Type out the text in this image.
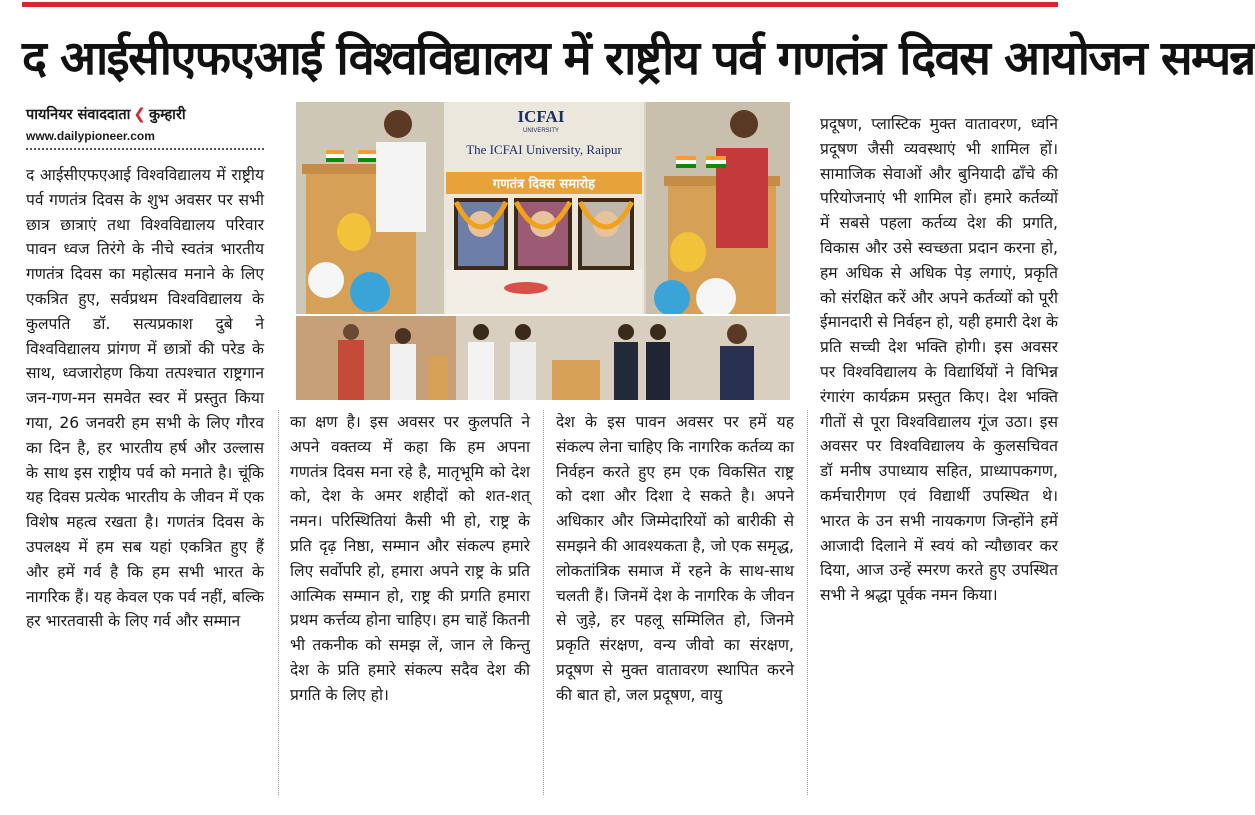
द आईसीएफएआई विश्वविद्यालय में राष्ट्रीय पर्व गणतंत्र दिवस आयोजन सम्पन्न
पायनियर संवाददाता ❮ कुम्हारी
www.dailypioneer.com
द आईसीएफएआई विश्वविद्यालय में राष्ट्रीय पर्व गणतंत्र दिवस के शुभ अवसर पर सभी छात्र छात्राएं तथा विश्वविद्यालय परिवार पावन ध्वज तिरंगे के नीचे स्वतंत्र भारतीय गणतंत्र दिवस का महोत्सव मनाने के लिए एकत्रित हुए, सर्वप्रथम विश्वविद्यालय के कुलपति डॉ. सत्यप्रकाश दुबे ने विश्वविद्यालय प्रांगण में छात्रों की परेड के साथ, ध्वजारोहण किया तत्पश्चात राष्ट्रगान जन-गण-मन समवेत स्वर में प्रस्तुत किया गया, 26 जनवरी हम सभी के लिए गौरव का दिन है, हर भारतीय हर्ष और उल्लास के साथ इस राष्ट्रीय पर्व को मनाते है। चूंकि यह दिवस प्रत्येक भारतीय के जीवन में एक विशेष महत्व रखता है। गणतंत्र दिवस के उपलक्ष्य में हम सब यहां एकत्रित हुए हैं और हमें गर्व है कि हम सभी भारत के नागरिक हैं। यह केवल एक पर्व नहीं, बल्कि हर भारतवासी के लिए गर्व और सम्मान
ICFAI
UNIVERSITY
The ICFAI University, Raipur
गणतंत्र दिवस समारोह
का क्षण है। इस अवसर पर कुलपति ने अपने वक्तव्य में कहा कि हम अपना गणतंत्र दिवस मना रहे है, मातृभूमि को देश को, देश के अमर शहीदों को शत-शत् नमन। परिस्थितियां कैसी भी हो, राष्ट्र के प्रति दृढ़ निष्ठा, सम्मान और संकल्प हमारे लिए सर्वोपरि हो, हमारा अपने राष्ट्र के प्रति आत्मिक सम्मान हो, राष्ट्र की प्रगति हमारा प्रथम कर्त्तव्य होना चाहिए। हम चाहें कितनी भी तकनीक को समझ लें, जान ले किन्तु देश के प्रति हमारे संकल्प सदैव देश की प्रगति के लिए हो।
देश के इस पावन अवसर पर हमें यह संकल्प लेना चाहिए कि नागरिक कर्तव्य का निर्वहन करते हुए हम एक विकसित राष्ट्र को दशा और दिशा दे सकते है। अपने अधिकार और जिम्मेदारियों को बारीकी से समझने की आवश्यकता है, जो एक समृद्ध, लोकतांत्रिक समाज में रहने के साथ-साथ चलती हैं। जिनमें देश के नागरिक के जीवन से जुड़े, हर पहलू सम्मिलित हो, जिनमे प्रकृति संरक्षण, वन्य जीवो का संरक्षण, प्रदूषण से मुक्त वातावरण स्थापित करने की बात हो, जल प्रदूषण, वायु
प्रदूषण, प्लास्टिक मुक्त वातावरण, ध्वनि प्रदूषण जैसी व्यवस्थाएं भी शामिल हों। सामाजिक सेवाओं और बुनियादी ढाँचे की परियोजनाएं भी शामिल हों। हमारे कर्तव्यों में सबसे पहला कर्तव्य देश की प्रगति, विकास और उसे स्वच्छता प्रदान करना हो, हम अधिक से अधिक पेड़ लगाएं, प्रकृति को संरक्षित करें और अपने कर्तव्यों को पूरी ईमानदारी से निर्वहन हो, यही हमारी देश के प्रति सच्ची देश भक्ति होगी। इस अवसर पर विश्वविद्यालय के विद्यार्थियों ने विभिन्न रंगारंग कार्यक्रम प्रस्तुत किए। देश भक्ति गीतों से पूरा विश्वविद्यालय गूंज उठा। इस अवसर पर विश्वविद्यालय के कुलसचिवत डॉ मनीष उपाध्याय सहित, प्राध्यापकगण, कर्मचारीगण एवं विद्यार्थी उपस्थित थे। भारत के उन सभी नायकगण जिन्होंने हमें आजादी दिलाने में स्वयं को न्यौछावर कर दिया, आज उन्हें स्मरण करते हुए उपस्थित सभी ने श्रद्धा पूर्वक नमन किया।
